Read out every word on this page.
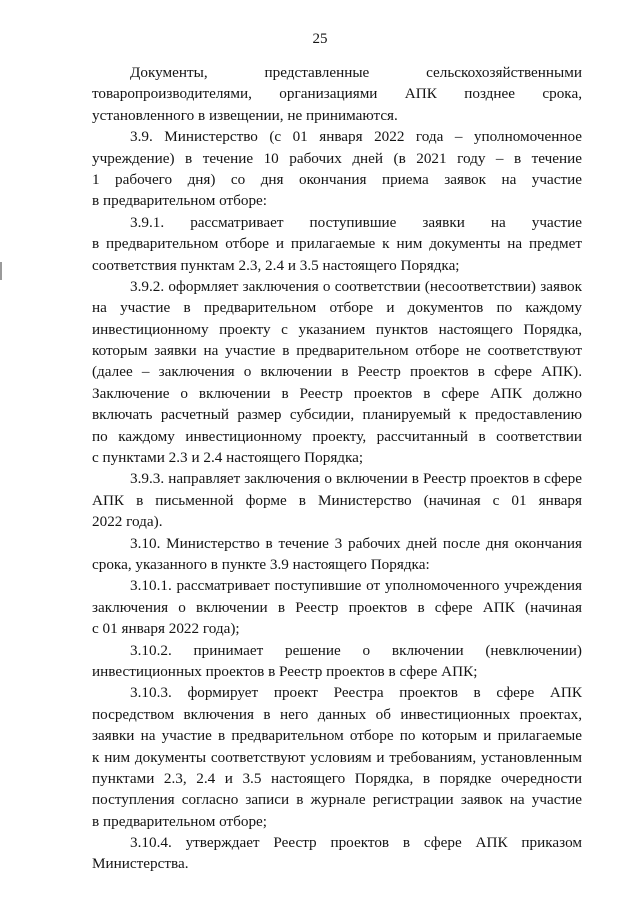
25
Документы, представленные сельскохозяйственными
товаропроизводителями, организациями АПК позднее срока,
установленного в извещении, не принимаются.
3.9. Министерство (с 01 января 2022 года – уполномоченное
учреждение) в течение 10 рабочих дней (в 2021 году – в течение
1 рабочего дня) со дня окончания приема заявок на участие
в предварительном отборе:
3.9.1. рассматривает поступившие заявки на участие
в предварительном отборе и прилагаемые к ним документы на предмет
соответствия пунктам 2.3, 2.4 и 3.5 настоящего Порядка;
3.9.2. оформляет заключения о соответствии (несоответствии) заявок
на участие в предварительном отборе и документов по каждому
инвестиционному проекту с указанием пунктов настоящего Порядка,
которым заявки на участие в предварительном отборе не соответствуют
(далее – заключения о включении в Реестр проектов в сфере АПК).
Заключение о включении в Реестр проектов в сфере АПК должно
включать расчетный размер субсидии, планируемый к предоставлению
по каждому инвестиционному проекту, рассчитанный в соответствии
с пунктами 2.3 и 2.4 настоящего Порядка;
3.9.3. направляет заключения о включении в Реестр проектов в сфере
АПК в письменной форме в Министерство (начиная с 01 января
2022 года).
3.10. Министерство в течение 3 рабочих дней после дня окончания
срока, указанного в пункте 3.9 настоящего Порядка:
3.10.1. рассматривает поступившие от уполномоченного учреждения
заключения о включении в Реестр проектов в сфере АПК (начиная
с 01 января 2022 года);
3.10.2. принимает решение о включении (невключении)
инвестиционных проектов в Реестр проектов в сфере АПК;
3.10.3. формирует проект Реестра проектов в сфере АПК
посредством включения в него данных об инвестиционных проектах,
заявки на участие в предварительном отборе по которым и прилагаемые
к ним документы соответствуют условиям и требованиям, установленным
пунктами 2.3, 2.4 и 3.5 настоящего Порядка, в порядке очередности
поступления согласно записи в журнале регистрации заявок на участие
в предварительном отборе;
3.10.4. утверждает Реестр проектов в сфере АПК приказом
Министерства.
